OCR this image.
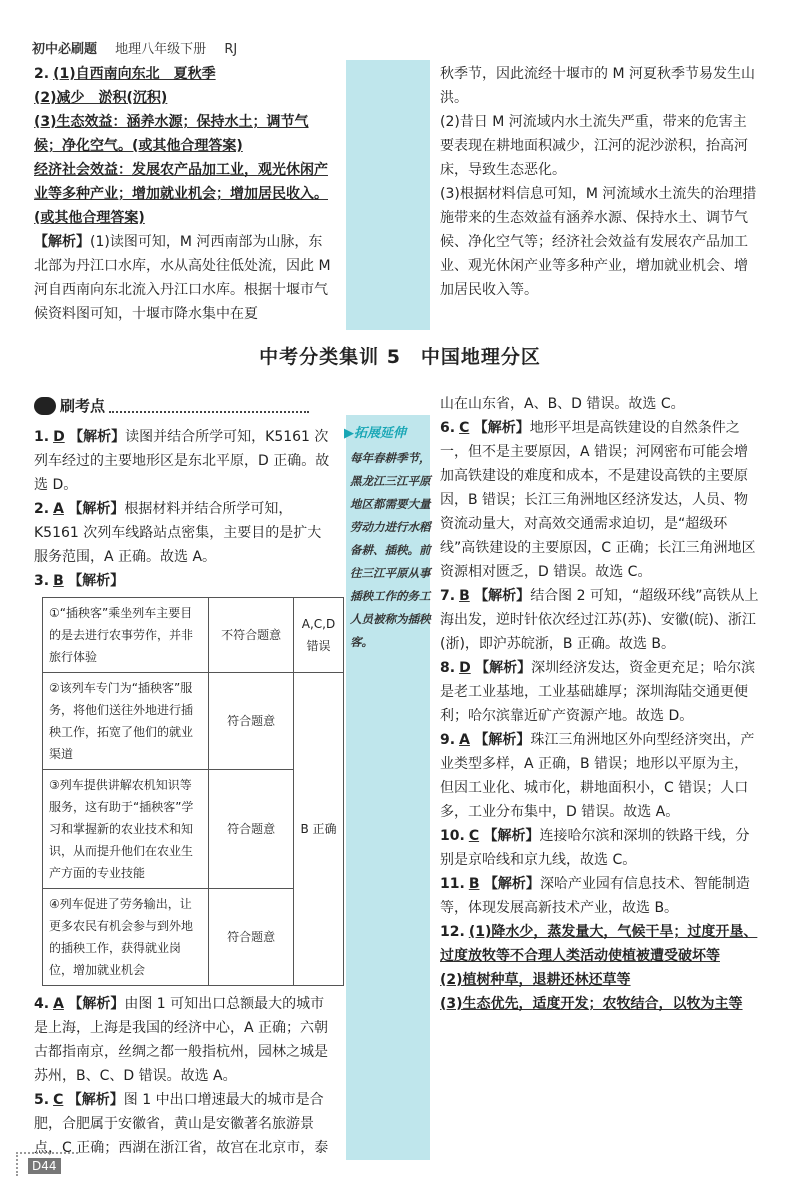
初中必刷题 地理八年级下册 RJ
2. (1)自西南向东北　夏秋季
(2)减少　淤积(沉积)
(3)生态效益：涵养水源；保持水土；调节气候；净化空气。(或其他合理答案)
经济社会效益：发展农产品加工业，观光休闲产业等多种产业；增加就业机会；增加居民收入。(或其他合理答案)
【解析】(1)读图可知，M 河西南部为山脉，东北部为丹江口水库，水从高处往低处流，因此 M 河自西南向东北流入丹江口水库。根据十堰市气候资料图可知，十堰市降水集中在夏
秋季节，因此流经十堰市的 M 河夏秋季节易发生山洪。
(2)昔日 M 河流域内水土流失严重，带来的危害主要表现在耕地面积减少，江河的泥沙淤积，抬高河床，导致生态恶化。
(3)根据材料信息可知，M 河流域水土流失的治理措施带来的生态效益有涵养水源、保持水土、调节气候、净化空气等；经济社会效益有发展农产品加工业、观光休闲产业等多种产业，增加就业机会、增加居民收入等。
中考分类集训 5　中国地理分区
刷考点
▶拓展延伸
每年春耕季节，黑龙江三江平原地区都需要大量劳动力进行水稻备耕、插秧。前往三江平原从事插秧工作的务工人员被称为插秧客。
1. D 【解析】读图并结合所学可知，K5161 次列车经过的主要地形区是东北平原，D 正确。故选 D。
2. A 【解析】根据材料并结合所学可知，K5161 次列车线路站点密集，主要目的是扩大服务范围，A 正确。故选 A。
3. B 【解析】
①“插秧客”乘坐列车主要目的是去进行农事劳作，并非旅行体验	不符合题意	A,C,D 错误
②该列车专门为“插秧客”服务，将他们送往外地进行插秧工作，拓宽了他们的就业渠道	符合题意	B 正确
③列车提供讲解农机知识等服务，这有助于“插秧客”学习和掌握新的农业技术和知识，从而提升他们在农业生产方面的专业技能	符合题意	
④列车促进了劳务输出，让更多农民有机会参与到外地的插秧工作，获得就业岗位，增加就业机会	符合题意	
4. A 【解析】由图 1 可知出口总额最大的城市是上海，上海是我国的经济中心，A 正确；六朝古都指南京，丝绸之都一般指杭州，园林之城是苏州，B、C、D 错误。故选 A。
5. C 【解析】图 1 中出口增速最大的城市是合肥，合肥属于安徽省，黄山是安徽著名旅游景点，C 正确；西湖在浙江省，故宫在北京市，泰
山在山东省，A、B、D 错误。故选 C。
6. C 【解析】地形平坦是高铁建设的自然条件之一，但不是主要原因，A 错误；河网密布可能会增加高铁建设的难度和成本，不是建设高铁的主要原因，B 错误；长江三角洲地区经济发达，人员、物资流动量大，对高效交通需求迫切，是“超级环线”高铁建设的主要原因，C 正确；长江三角洲地区资源相对匮乏，D 错误。故选 C。
7. B 【解析】结合图 2 可知，“超级环线”高铁从上海出发，逆时针依次经过江苏(苏)、安徽(皖)、浙江(浙)，即沪苏皖浙，B 正确。故选 B。
8. D 【解析】深圳经济发达，资金更充足；哈尔滨是老工业基地，工业基础雄厚；深圳海陆交通更便利；哈尔滨靠近矿产资源产地。故选 D。
9. A 【解析】珠江三角洲地区外向型经济突出，产业类型多样，A 正确，B 错误；地形以平原为主，但因工业化、城市化，耕地面积小，C 错误；人口多，工业分布集中，D 错误。故选 A。
10. C 【解析】连接哈尔滨和深圳的铁路干线，分别是京哈线和京九线，故选 C。
11. B 【解析】深哈产业园有信息技术、智能制造等，体现发展高新技术产业，故选 B。
12. (1)降水少，蒸发量大，气候干旱；过度开垦、过度放牧等不合理人类活动使植被遭受破坏等
(2)植树种草，退耕还林还草等
(3)生态优先，适度开发；农牧结合，以牧为主等
D44
